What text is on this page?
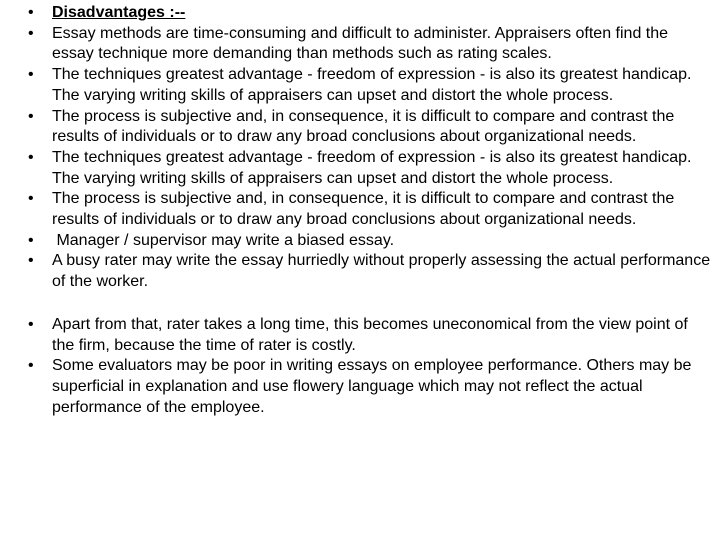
• Disadvantages :--
• Essay methods are time-consuming and difficult to administer. Appraisers often find the essay technique more demanding than methods such as rating scales.
• The techniques greatest advantage - freedom of expression - is also its greatest handicap. The varying writing skills of appraisers can upset and distort the whole process.
• The process is subjective and, in consequence, it is difficult to compare and contrast the results of individuals or to draw any broad conclusions about organizational needs.
• The techniques greatest advantage - freedom of expression - is also its greatest handicap. The varying writing skills of appraisers can upset and distort the whole process.
• The process is subjective and, in consequence, it is difficult to compare and contrast the results of individuals or to draw any broad conclusions about organizational needs.
•  Manager / supervisor may write a biased essay.
• A busy rater may write the essay hurriedly without properly assessing the actual performance of the worker.
• Apart from that, rater takes a long time, this becomes uneconomical from the view point of the firm, because the time of rater is costly.
• Some evaluators may be poor in writing essays on employee performance. Others may be superficial in explanation and use flowery language which may not reflect the actual performance of the employee.
